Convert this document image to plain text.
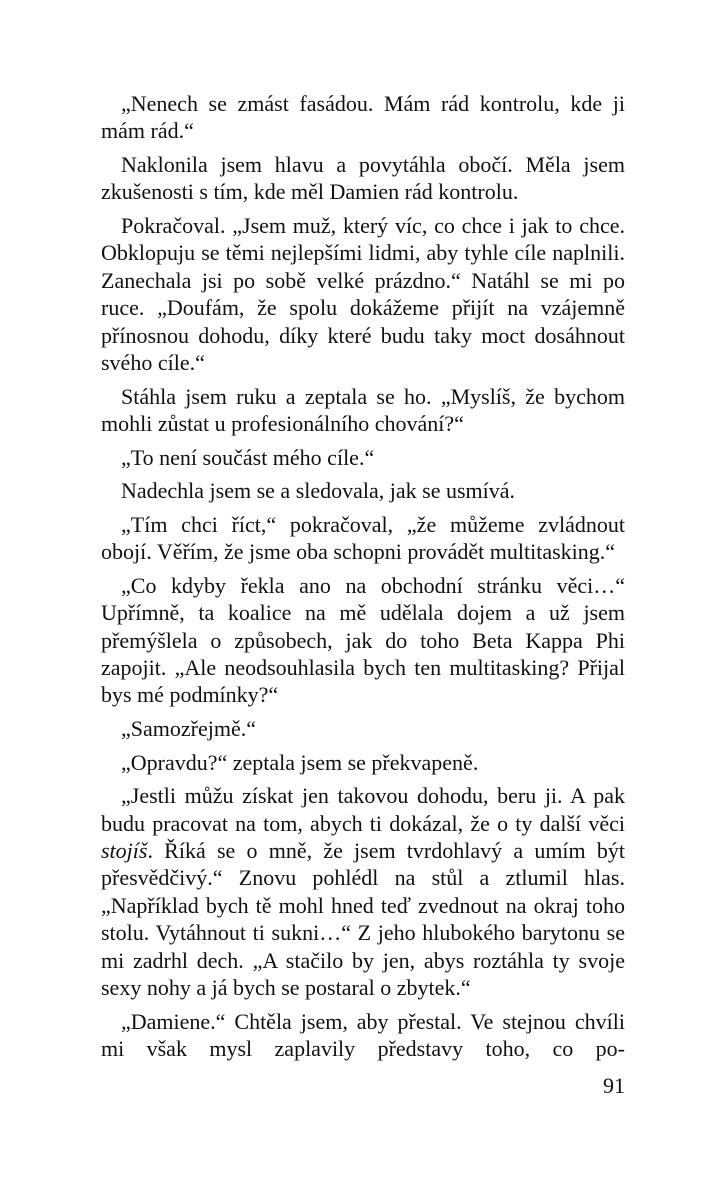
„Nenech se zmást fasádou. Mám rád kontrolu, kde ji mám rád.“

Naklonila jsem hlavu a povytáhla obočí. Měla jsem zkušenosti s tím, kde měl Damien rád kontrolu.

Pokračoval. „Jsem muž, který víc, co chce i jak to chce. Obklopuju se těmi nejlepšími lidmi, aby tyhle cíle naplnili. Zanechala jsi po sobě velké prázdno.“ Natáhl se mi po ruce. „Doufám, že spolu dokážeme přijít na vzájemně přínosnou dohodu, díky které budu taky moct dosáhnout svého cíle.“

Stáhla jsem ruku a zeptala se ho. „Myslíš, že bychom mohli zůstat u profesionálního chování?“

„To není součást mého cíle.“

Nadechla jsem se a sledovala, jak se usmívá.

„Tím chci říct,“ pokračoval, „že můžeme zvládnout obojí. Věřím, že jsme oba schopni provádět multitasking.“

„Co kdyby řekla ano na obchodní stránku věci…“ Upřímně, ta koalice na mě udělala dojem a už jsem přemýšlela o způsobech, jak do toho Beta Kappa Phi zapojit. „Ale neodsouhlasila bych ten multitasking? Přijal bys mé podmínky?“

„Samozřejmě.“

„Opravdu?“ zeptala jsem se překvapeně.

„Jestli můžu získat jen takovou dohodu, beru ji. A pak budu pracovat na tom, abych ti dokázal, že o ty další věci stojíš. Říká se o mně, že jsem tvrdohlavý a umím být přesvědčivý.“ Znovu pohlédl na stůl a ztlumil hlas. „Například bych tě mohl hned teď zvednout na okraj toho stolu. Vytáhnout ti sukni…“ Z jeho hlubokého barytonu se mi zadrhl dech. „A stačilo by jen, abys roztáhla ty svoje sexy nohy a já bych se postaral o zbytek.“

„Damiene.“ Chtěla jsem, aby přestal. Ve stejnou chvíli mi však mysl zaplavily představy toho, co po-

91
